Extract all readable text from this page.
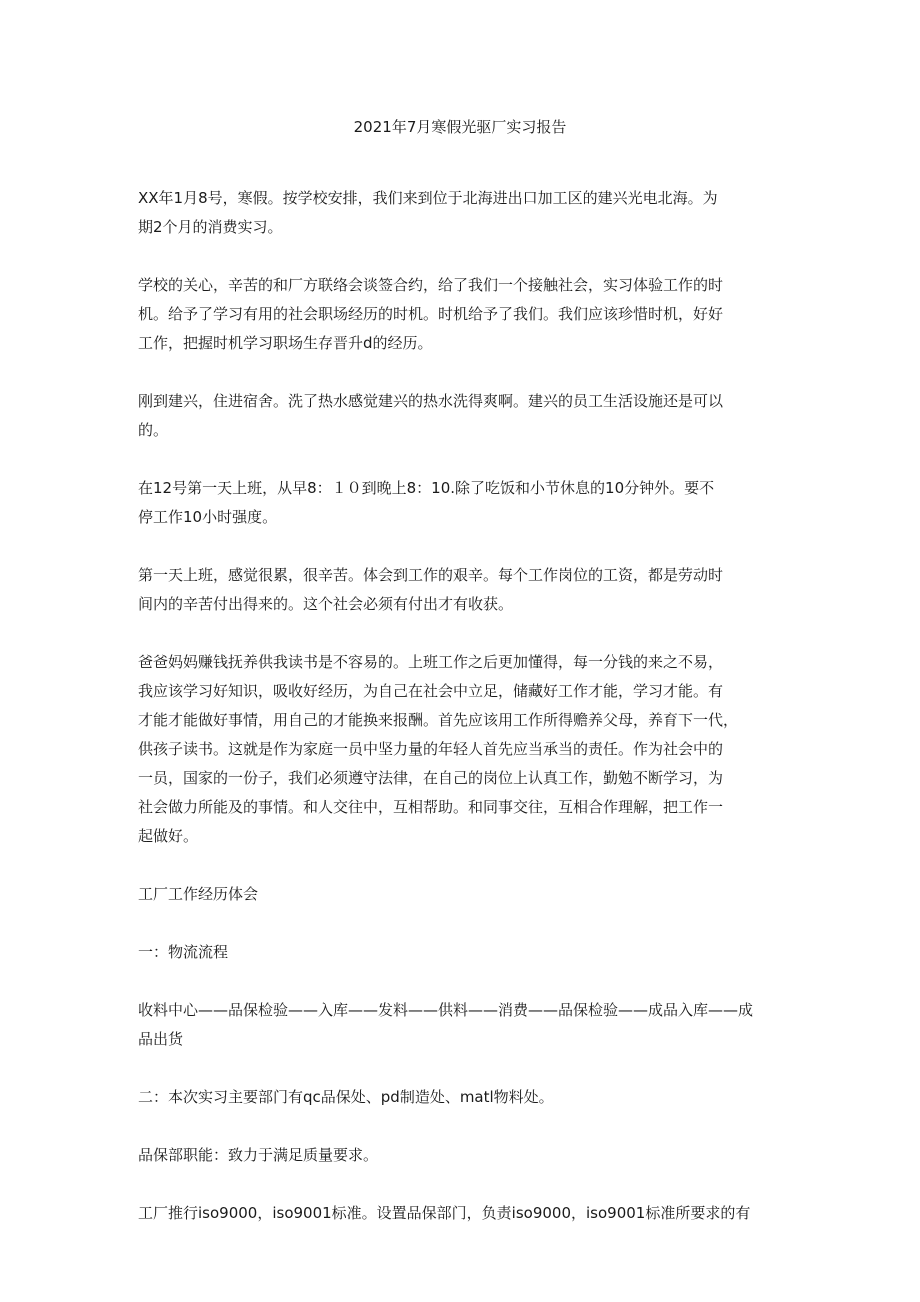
2021年7月寒假光驱厂实习报告

XX年1月8号，寒假。按学校安排，我们来到位于北海进出口加工区的建兴光电北海。为
期2个月的消费实习。

学校的关心，辛苦的和厂方联络会谈签合约，给了我们一个接触社会，实习体验工作的时
机。给予了学习有用的社会职场经历的时机。时机给予了我们。我们应该珍惜时机，好好
工作，把握时机学习职场生存晋升d的经历。

刚到建兴，住进宿舍。洗了热水感觉建兴的热水洗得爽啊。建兴的员工生活设施还是可以
的。

在12号第一天上班，从早8：１０到晚上8：10.除了吃饭和小节休息的10分钟外。要不
停工作10小时强度。

第一天上班，感觉很累，很辛苦。体会到工作的艰辛。每个工作岗位的工资，都是劳动时
间内的辛苦付出得来的。这个社会必须有付出才有收获。

爸爸妈妈赚钱抚养供我读书是不容易的。上班工作之后更加懂得，每一分钱的来之不易，
我应该学习好知识，吸收好经历，为自己在社会中立足，储藏好工作才能，学习才能。有
才能才能做好事情，用自己的才能换来报酬。首先应该用工作所得赡养父母，养育下一代，
供孩子读书。这就是作为家庭一员中坚力量的年轻人首先应当承当的责任。作为社会中的
一员，国家的一份子，我们必须遵守法律，在自己的岗位上认真工作，勤勉不断学习，为
社会做力所能及的事情。和人交往中，互相帮助。和同事交往，互相合作理解，把工作一
起做好。

工厂工作经历体会

一：物流流程

收料中心——品保检验——入库——发料——供料——消费——品保检验——成品入库——成
品出货

二：本次实习主要部门有qc品保处、pd制造处、matl物料处。

品保部职能：致力于满足质量要求。

工厂推行iso9000，iso9001标准。设置品保部门，负责iso9000，iso9001标准所要求的有
